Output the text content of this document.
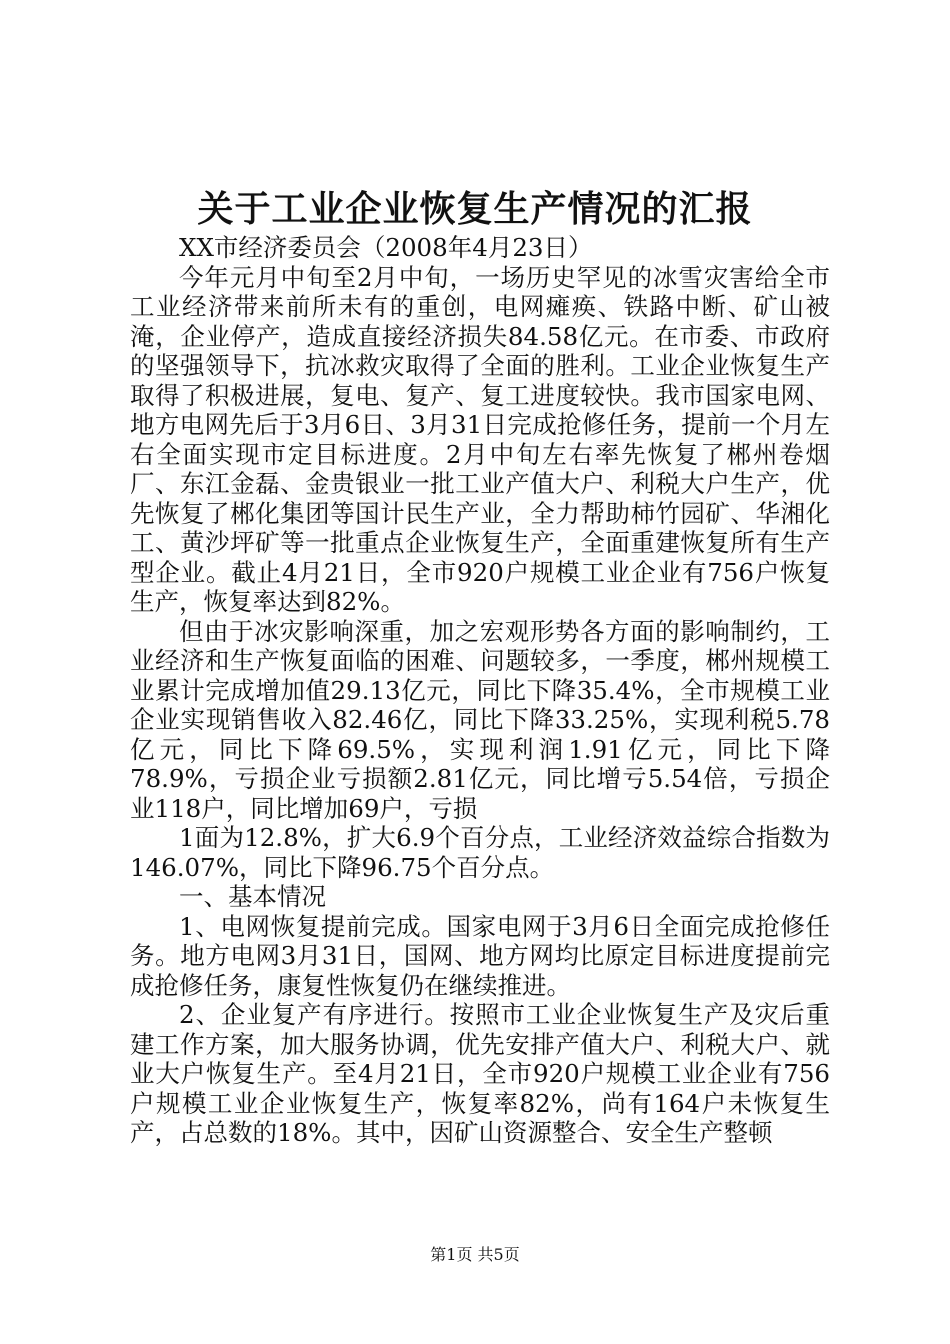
关于工业企业恢复生产情况的汇报

XX市经济委员会（2008年4月23日）

今年元月中旬至2月中旬，一场历史罕见的冰雪灾害给全市工业经济带来前所未有的重创，电网瘫痪、铁路中断、矿山被淹，企业停产，造成直接经济损失84.58亿元。在市委、市政府的坚强领导下，抗冰救灾取得了全面的胜利。工业企业恢复生产取得了积极进展，复电、复产、复工进度较快。我市国家电网、地方电网先后于3月6日、3月31日完成抢修任务，提前一个月左右全面实现市定目标进度。2月中旬左右率先恢复了郴州卷烟厂、东江金磊、金贵银业一批工业产值大户、利税大户生产，优先恢复了郴化集团等国计民生产业，全力帮助柿竹园矿、华湘化工、黄沙坪矿等一批重点企业恢复生产，全面重建恢复所有生产型企业。截止4月21日，全市920户规模工业企业有756户恢复生产，恢复率达到82%。

但由于冰灾影响深重，加之宏观形势各方面的影响制约，工业经济和生产恢复面临的困难、问题较多，一季度，郴州规模工业累计完成增加值29.13亿元，同比下降35.4%，全市规模工业企业实现销售收入82.46亿，同比下降33.25%，实现利税5.78亿元，同比下降69.5%，实现利润1.91亿元，同比下降78.9%，亏损企业亏损额2.81亿元，同比增亏5.54倍，亏损企业118户，同比增加69户，亏损

1面为12.8%，扩大6.9个百分点，工业经济效益综合指数为146.07%，同比下降96.75个百分点。

一、基本情况

1、电网恢复提前完成。国家电网于3月6日全面完成抢修任务。地方电网3月31日，国网、地方网均比原定目标进度提前完成抢修任务，康复性恢复仍在继续推进。

2、企业复产有序进行。按照市工业企业恢复生产及灾后重建工作方案，加大服务协调，优先安排产值大户、利税大户、就业大户恢复生产。至4月21日，全市920户规模工业企业有756户规模工业企业恢复生产，恢复率82%，尚有164户未恢复生产，占总数的18%。其中，因矿山资源整合、安全生产整顿

第1页 共5页
